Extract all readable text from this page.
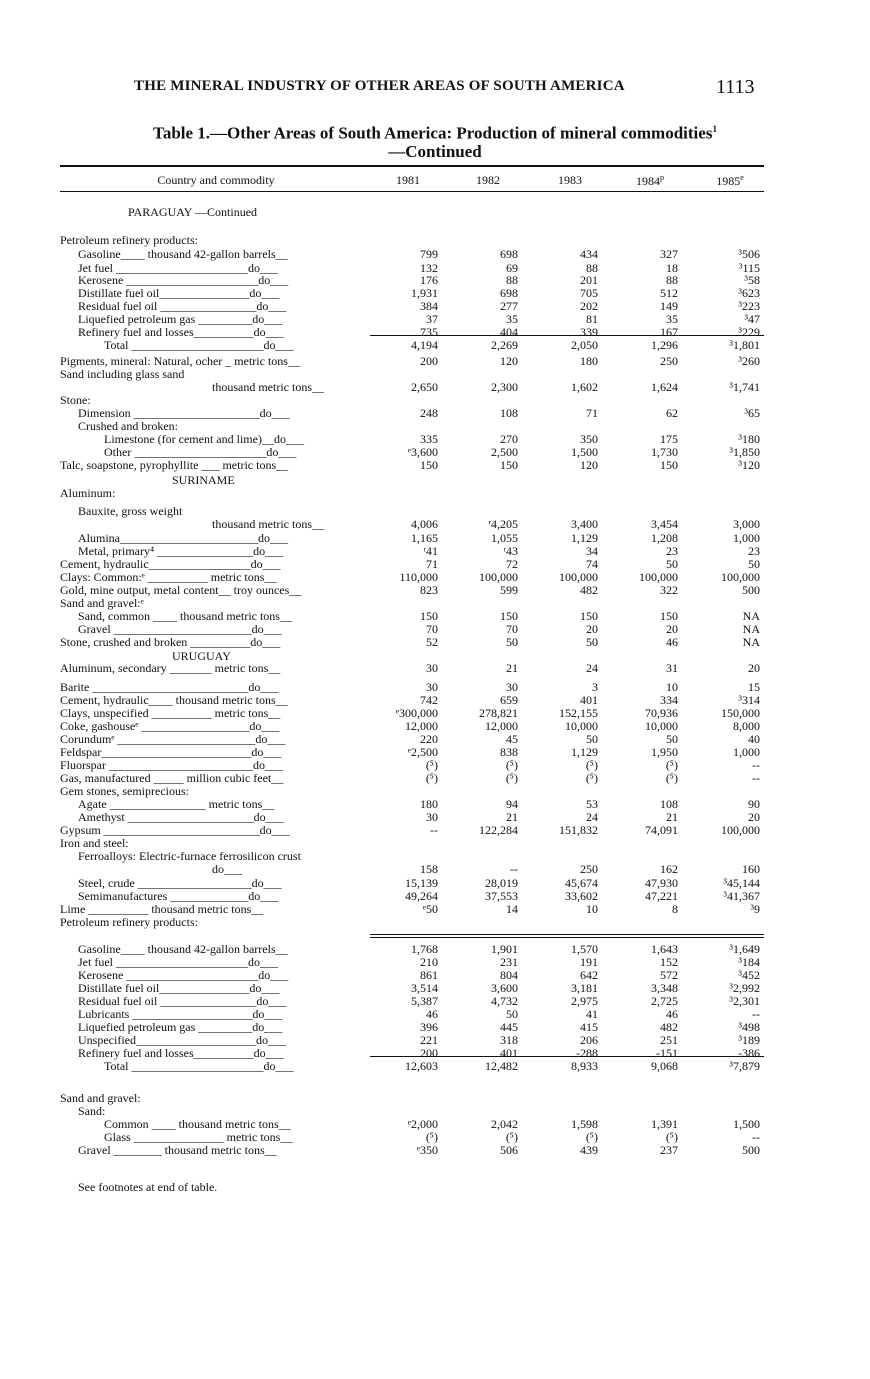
THE MINERAL INDUSTRY OF OTHER AREAS OF SOUTH AMERICA	1113
Table 1.—Other Areas of South America: Production of mineral commodities$^1$
—Continued
Country and commodity	1981	1982	1983	1984$^p$	1985e
PARAGUAY —Continued
Petroleum refinery products:
Gasoline____ thousand 42-gallon barrels__	799	698	434	327	³506
Jet fuel ______________________do___	132	69	88	18	³115
Kerosene ______________________do___	176	88	201	88	³58
Distillate fuel oil_______________do___	1,931	698	705	512	³623
Residual fuel oil ________________do___	384	277	202	149	³223
Liquefied petroleum gas _________do___	37	35	81	35	³47
Refinery fuel and losses__________do___	735	404	339	167	³229
Total ______________________do___	4,194	2,269	2,050	1,296	³1,801
Pigments, mineral: Natural, ocher _ metric tons__	200	120	180	250	³260
Sand including glass sand
thousand metric tons__	2,650	2,300	1,602	1,624	³1,741
Stone:
Dimension _____________________do___	248	108	71	62	³65
Crushed and broken:
Limestone (for cement and lime)__do___	335	270	350	175	³180
Other ______________________do___	ᵉ3,600	2,500	1,500	1,730	³1,850
Talc, soapstone, pyrophyllite ___ metric tons__	150	150	120	150	³120
SURINAME
Aluminum:
Bauxite, gross weight
thousand metric tons__	4,006	ʳ4,205	3,400	3,454	3,000
Alumina_______________________do___	1,165	1,055	1,129	1,208	1,000
Metal, primary⁴ ________________do___	ʳ41	ʳ43	34	23	23
Cement, hydraulic_________________do___	71	72	74	50	50
Clays: Common:ᵉ __________ metric tons__	110,000	100,000	100,000	100,000	100,000
Gold, mine output, metal content__ troy ounces__	823	599	482	322	500
Sand and gravel:ᵉ
Sand, common ____ thousand metric tons__	150	150	150	150	NA
Gravel _______________________do___	70	70	20	20	NA
Stone, crushed and broken __________do___	52	50	50	46	NA
URUGUAY
Aluminum, secondary _______ metric tons__	30	21	24	31	20
Barite __________________________do___	30	30	3	10	15
Cement, hydraulic____ thousand metric tons__	742	659	401	334	³314
Clays, unspecified __________ metric tons__	ᵉ300,000	278,821	152,155	70,936	150,000
Coke, gashouseᵉ __________________do___	12,000	12,000	10,000	10,000	8,000
Corundumᵉ _______________________do___	220	45	50	50	40
Feldspar_________________________do___	ᵉ2,500	838	1,129	1,950	1,000
Fluorspar ________________________do___	(⁵)	(⁵)	(⁵)	(⁵)	--
Gas, manufactured _____ million cubic feet__	(⁵)	(⁵)	(⁵)	(⁵)	--
Gem stones, semiprecious:
Agate ________________ metric tons__	180	94	53	108	90
Amethyst _____________________do___	30	21	24	21	20
Gypsum __________________________do___	--	122,284	151,832	74,091	100,000
Iron and steel:
Ferroalloys: Electric-furnace ferrosilicon crust
do___	158	--	250	162	160
Steel, crude ___________________do___	15,139	28,019	45,674	47,930	³45,144
Semimanufactures _____________do___	49,264	37,553	33,602	47,221	³41,367
Lime __________ thousand metric tons__	ᵉ50	14	10	8	³9
Petroleum refinery products:
Gasoline____ thousand 42-gallon barrels__	1,768	1,901	1,570	1,643	³1,649
Jet fuel ______________________do___	210	231	191	152	³184
Kerosene ______________________do___	861	804	642	572	³452
Distillate fuel oil_______________do___	3,514	3,600	3,181	3,348	³2,992
Residual fuel oil ________________do___	5,387	4,732	2,975	2,725	³2,301
Lubricants ____________________do___	46	50	41	46	--
Liquefied petroleum gas _________do___	396	445	415	482	³498
Unspecified____________________do___	221	318	206	251	³189
Refinery fuel and losses__________do___	200	401	-288	-151	-386
Total ______________________do___	12,603	12,482	8,933	9,068	³7,879
Sand and gravel:
Sand:
Common ____ thousand metric tons__	ᵉ2,000	2,042	1,598	1,391	1,500
Glass _______________ metric tons__	(⁵)	(⁵)	(⁵)	(⁵)	--
Gravel ________ thousand metric tons__	ᵉ350	506	439	237	500
See footnotes at end of table.
